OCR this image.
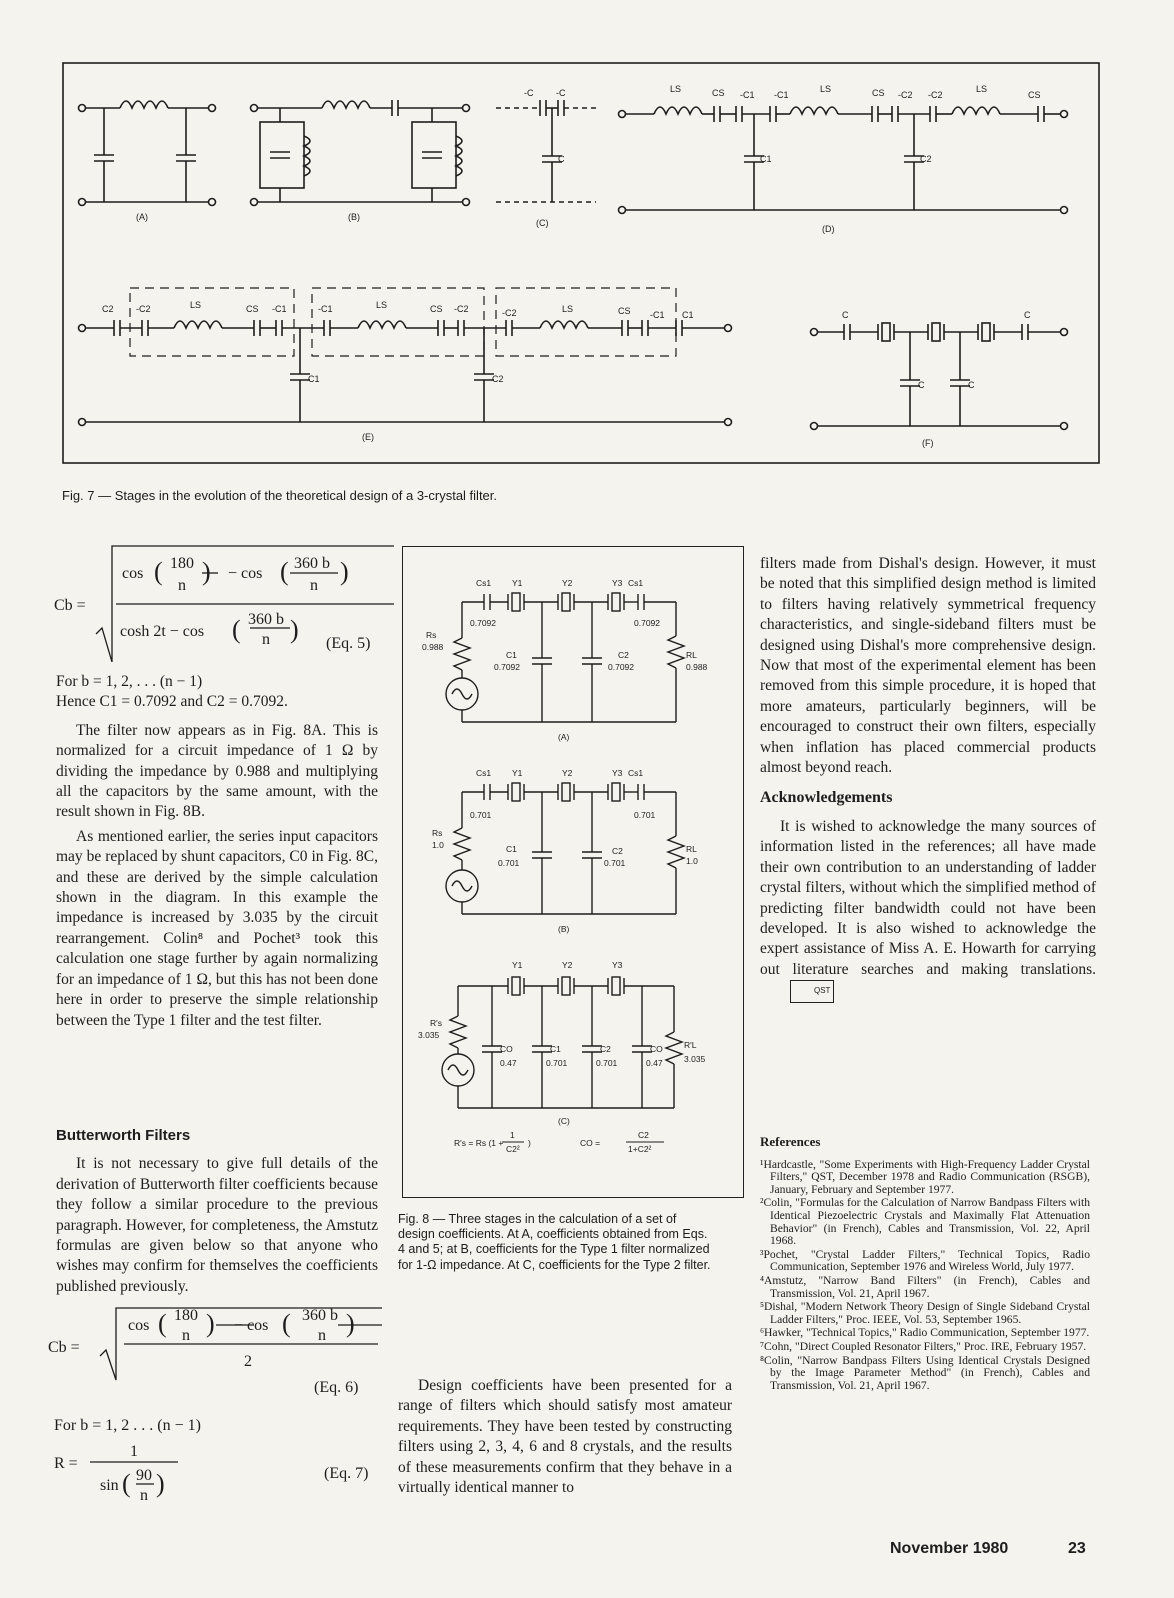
(A)	(B)
(C)
(D)
(E)
(F)
-C	-C
C
LS	CS -C1 -C1
LS	CS -C2 -C2
LS
CS
C1	C2
C2 -C2	LS	CS -C1	-C1	LS	CS -C2	-C2	LS	CS -C1 C1
C1	C2
C	C
C	C
Fig. 7 — Stages in the evolution of the theoretical design of a 3-crystal filter.
Cb =
cos ( 180
n ) − cos ( 360 b
n )
cosh 2t − cos ( 360 b
n ) (Eq. 5)
For b = 1, 2, . . . (n − 1)
Hence C1 = 0.7092 and C2 = 0.7092.

The filter now appears as in Fig. 8A. This is normalized for a circuit impedance of 1 Ω by dividing the impedance by 0.988 and multiplying all the capacitors by the same amount, with the result shown in Fig. 8B.

As mentioned earlier, the series input capacitors may be replaced by shunt capacitors, C0 in Fig. 8C, and these are derived by the simple calculation shown in the diagram. In this example the impedance is increased by 3.035 by the circuit rearrangement. Colin⁸ and Pochet³ took this calculation one stage further by again normalizing for an impedance of 1 Ω, but this has not been done here in order to preserve the simple relationship between the Type 1 filter and the test filter.

Butterworth Filters

It is not necessary to give full details of the derivation of Butterworth filter coefficients because they follow a similar procedure to the previous paragraph. However, for completeness, the Amstutz formulas are given below so that anyone who wishes may confirm for themselves the coefficients published previously.

Cb =
cos ( 180
n ) − cos ( 360 b
n )
2
(Eq. 6)
For b = 1, 2 . . . (n − 1)
R =
1
sin ( 90
n )	(Eq. 7)
Cs1 Y1	Y2	Y3 Cs1
0.7092	0.7092
Rs
0.988
RL
0.988
C1
0.7092
C2
0.7092
(A)
Cs1 Y1	Y2	Y3 Cs1
0.701	0.701
Rs
1.0	RL
1.0
C1
0.701
C2
0.701
(B)
Y1	Y2	Y3
R's
3.035
R'L
3.035
CO
0.47
C1
0.701
C2
0.701
CO
0.47
(C)
R's = Rs (1 +
1
C2²
)	CO =
C2
1+C2²
Fig. 8 — Three stages in the calculation of a set of design coefficients. At A, coefficients obtained from Eqs. 4 and 5; at B, coefficients for the Type 1 filter normalized for 1-Ω impedance. At C, coefficients for the Type 2 filter.

Design coefficients have been presented for a range of filters which should satisfy most amateur requirements. They have been tested by constructing filters using 2, 3, 4, 6 and 8 crystals, and the results of these measurements confirm that they behave in a virtually identical manner to

filters made from Dishal's design. However, it must be noted that this simplified design method is limited to filters having relatively symmetrical frequency characteristics, and single-sideband filters must be designed using Dishal's more comprehensive design. Now that most of the experimental element has been removed from this simple procedure, it is hoped that more amateurs, particularly beginners, will be encouraged to construct their own filters, especially when inflation has placed commercial products almost beyond reach.

Acknowledgements

It is wished to acknowledge the many sources of information listed in the references; all have made their own contribution to an understanding of ladder crystal filters, without which the simplified method of predicting filter bandwidth could not have been developed. It is also wished to acknowledge the expert assistance of Miss A. E. Howarth for carrying out literature searches and making translations.QST

References
¹Hardcastle, "Some Experiments with High-Frequency Ladder Crystal Filters," QST, December 1978 and Radio Communication (RSGB), January, February and September 1977.
²Colin, "Formulas for the Calculation of Narrow Bandpass Filters with Identical Piezoelectric Crystals and Maximally Flat Attenuation Behavior" (in French), Cables and Transmission, Vol. 22, April 1968.
³Pochet, "Crystal Ladder Filters," Technical Topics, Radio Communication, September 1976 and Wireless World, July 1977.
⁴Amstutz, "Narrow Band Filters" (in French), Cables and Transmission, Vol. 21, April 1967.
⁵Dishal, "Modern Network Theory Design of Single Sideband Crystal Ladder Filters," Proc. IEEE, Vol. 53, September 1965.
⁶Hawker, "Technical Topics," Radio Communication, September 1977.
⁷Cohn, "Direct Coupled Resonator Filters," Proc. IRE, February 1957.
⁸Colin, "Narrow Bandpass Filters Using Identical Crystals Designed by the Image Parameter Method" (in French), Cables and Transmission, Vol. 21, April 1967.
November 1980	23
